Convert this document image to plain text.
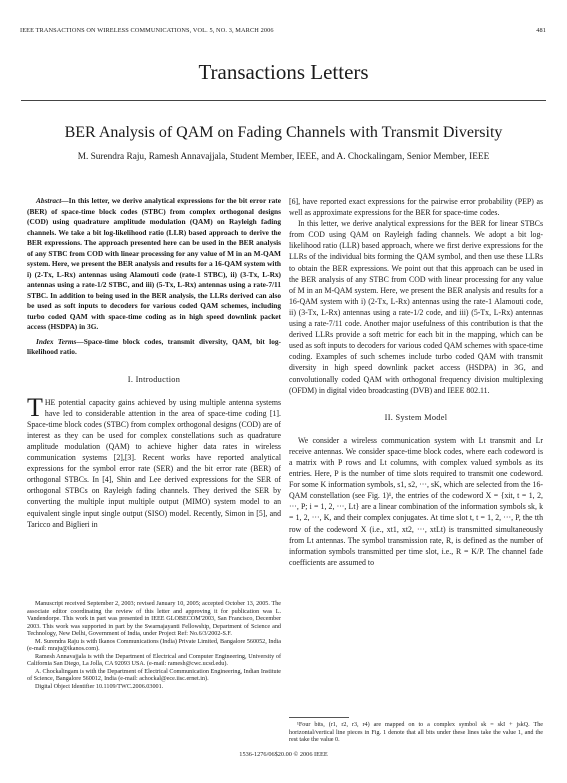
IEEE TRANSACTIONS ON WIRELESS COMMUNICATIONS, VOL. 5, NO. 3, MARCH 2006	481
Transactions Letters
BER Analysis of QAM on Fading Channels with Transmit Diversity
M. Surendra Raju, Ramesh Annavajjala, Student Member, IEEE, and A. Chockalingam, Senior Member, IEEE
Abstract—In this letter, we derive analytical expressions for the bit error rate (BER) of space-time block codes (STBC) from complex orthogonal designs (COD) using quadrature amplitude modulation (QAM) on Rayleigh fading channels. We take a bit log-likelihood ratio (LLR) based approach to derive the BER expressions. The approach presented here can be used in the BER analysis of any STBC from COD with linear processing for any value of M in an M-QAM system. Here, we present the BER analysis and results for a 16-QAM system with i) (2-Tx, L-Rx) antennas using Alamouti code (rate-1 STBC), ii) (3-Tx, L-Rx) antennas using a rate-1/2 STBC, and iii) (5-Tx, L-Rx) antennas using a rate-7/11 STBC. In addition to being used in the BER analysis, the LLRs derived can also be used as soft inputs to decoders for various coded QAM schemes, including turbo coded QAM with space-time coding as in high speed downlink packet access (HSDPA) in 3G.
Index Terms—Space-time block codes, transmit diversity, QAM, bit log-likelihood ratio.
I. Introduction

THE potential capacity gains achieved by using multiple antenna systems have led to considerable attention in the area of space-time coding [1]. Space-time block codes (STBC) from complex orthogonal designs (COD) are of interest as they can be used for complex constellations such as quadrature amplitude modulation (QAM) to achieve higher data rates in wireless communication systems [2],[3]. Recent works have reported analytical expressions for the symbol error rate (SER) and the bit error rate (BER) of orthogonal STBCs. In [4], Shin and Lee derived expressions for the SER of orthogonal STBCs on Rayleigh fading channels. They derived the SER by converting the multiple input multiple output (MIMO) system model to an equivalent single input single output (SISO) model. Recently, Simon in [5], and Taricco and Biglieri in

Manuscript received September 2, 2003; revised January 10, 2005; accepted October 13, 2005. The associate editor coordinating the review of this letter and approving it for publication was L. Vandendorpe. This work in part was presented in IEEE GLOBECOM'2003, San Francisco, December 2003. This work was supported in part by the Swarnajayanti Fellowship, Department of Science and Technology, New Delhi, Government of India, under Project Ref: No.6/3/2002-S.F.

M. Surendra Raju is with Ikanos Communications (India) Private Limited, Bangalore 560052, India (e-mail: mraju@ikanos.com).

Ramesh Annavajjala is with the Department of Electrical and Computer Engineering, University of California San Diego, La Jolla, CA 92093 USA. (e-mail: ramesh@cwc.ucsd.edu).

A. Chockalingam is with the Department of Electrical Communication Engineering, Indian Institute of Science, Bangalore 560012, India (e-mail: achockal@ece.iisc.ernet.in).

Digital Object Identifier 10.1109/TWC.2006.03001.

[6], have reported exact expressions for the pairwise error probability (PEP) as well as approximate expressions for the BER for space-time codes.

In this letter, we derive analytical expressions for the BER for linear STBCs from COD using QAM on Rayleigh fading channels. We adopt a bit log-likelihood ratio (LLR) based approach, where we first derive expressions for the LLRs of the individual bits forming the QAM symbol, and then use these LLRs to obtain the BER expressions. We point out that this approach can be used in the BER analysis of any STBC from COD with linear processing for any value of M in an M-QAM system. Here, we present the BER analysis and results for a 16-QAM system with i) (2-Tx, L-Rx) antennas using the rate-1 Alamouti code, ii) (3-Tx, L-Rx) antennas using a rate-1/2 code, and iii) (5-Tx, L-Rx) antennas using a rate-7/11 code. Another major usefulness of this contribution is that the derived LLRs provide a soft metric for each bit in the mapping, which can be used as soft inputs to decoders for various coded QAM schemes with space-time coding. Examples of such schemes include turbo coded QAM with transmit diversity in high speed downlink packet access (HSDPA) in 3G, and convolutionally coded QAM with orthogonal frequency division multiplexing (OFDM) in digital video broadcasting (DVB) and IEEE 802.11.

II. System Model

We consider a wireless communication system with Lt transmit and Lr receive antennas. We consider space-time block codes, where each codeword is a matrix with P rows and Lt columns, with complex valued symbols as its entries. Here, P is the number of time slots required to transmit one codeword. For some K information symbols, s1, s2, ···, sK, which are selected from the 16-QAM constellation (see Fig. 1)¹, the entries of the codeword X = {xit, t = 1, 2, ···, P; i = 1, 2, ···, Lt} are a linear combination of the information symbols sk, k = 1, 2, ···, K, and their complex conjugates. At time slot t, t = 1, 2, ···, P, the tth row of the codeword X (i.e., xt1, xt2, ···, xtLt) is transmitted simultaneously from Lt antennas. The symbol transmission rate, R, is defined as the number of information symbols transmitted per time slot, i.e., R = K/P. The channel fade coefficients are assumed to

¹Four bits, (r1, r2, r3, r4) are mapped on to a complex symbol sk = skI + jskQ. The horizontal/vertical line pieces in Fig. 1 denote that all bits under these lines take the value 1, and the rest take the value 0.

1536-1276/06$20.00 © 2006 IEEE
